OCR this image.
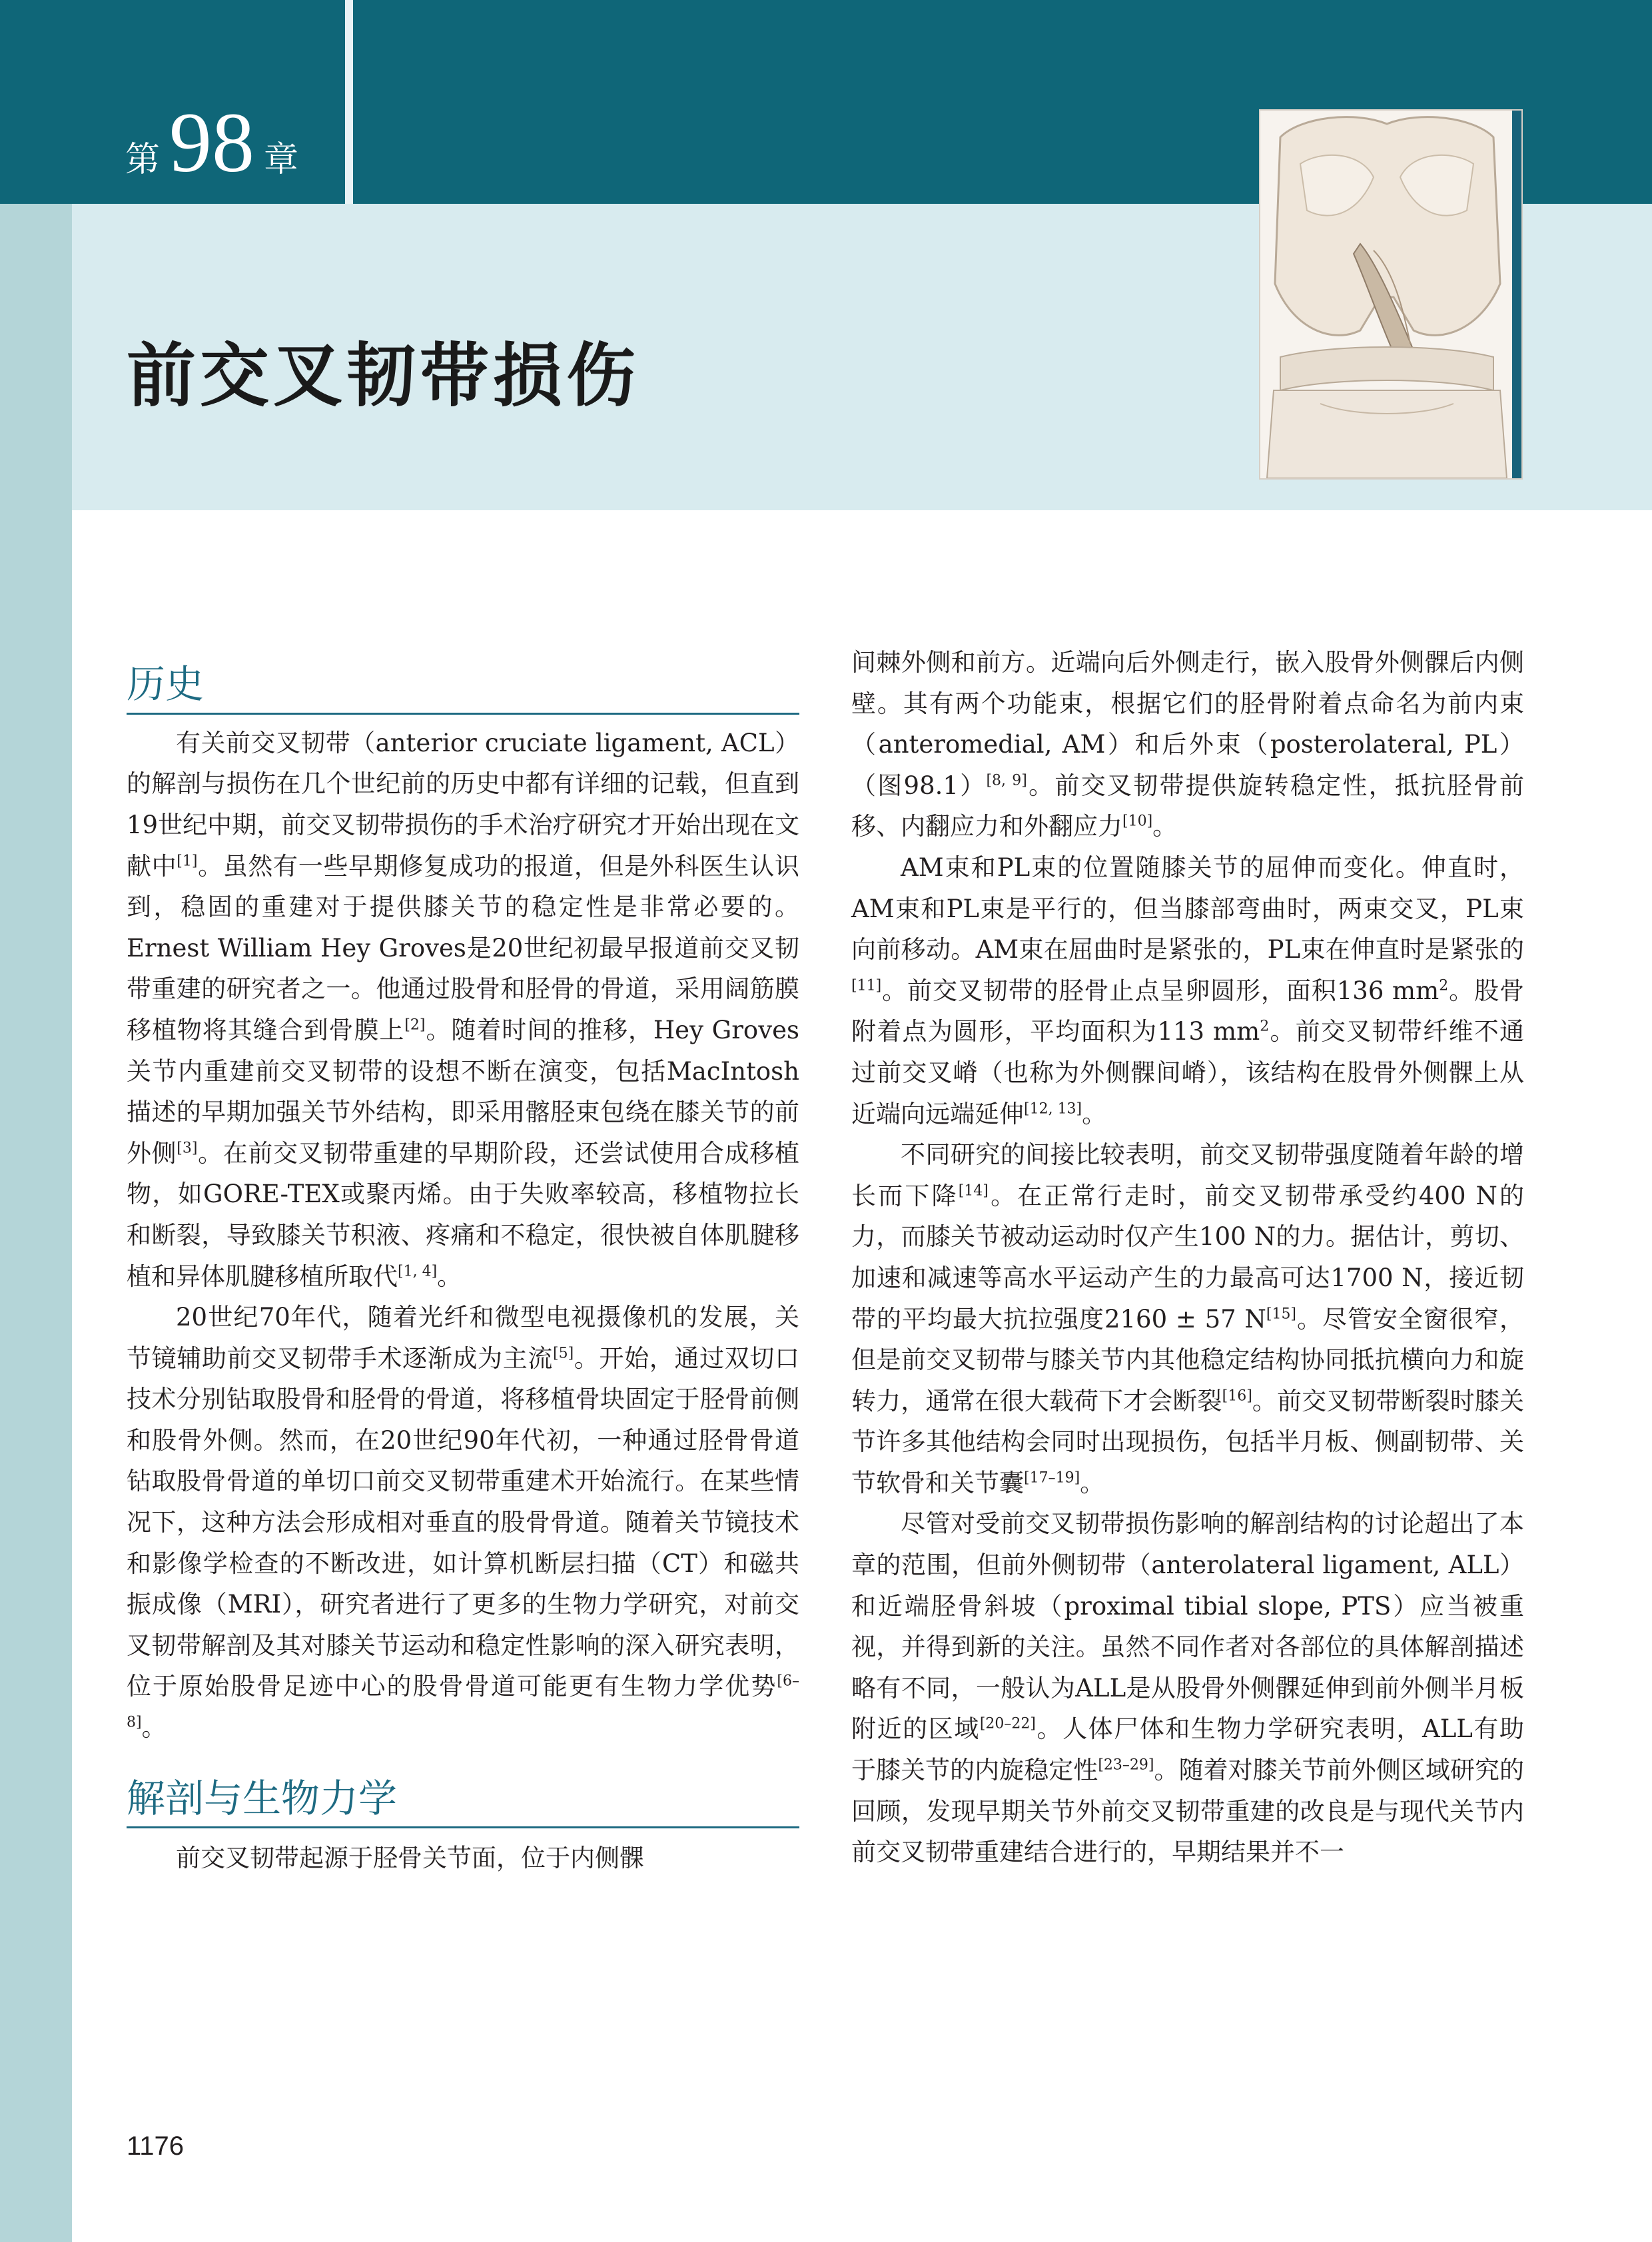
第 98 章
前交叉韧带损伤
历史

有关前交叉韧带（anterior cruciate ligament, ACL）的解剖与损伤在几个世纪前的历史中都有详细的记载，但直到19世纪中期，前交叉韧带损伤的手术治疗研究才开始出现在文献中[1]。虽然有一些早期修复成功的报道，但是外科医生认识到，稳固的重建对于提供膝关节的稳定性是非常必要的。Ernest William Hey Groves是20世纪初最早报道前交叉韧带重建的研究者之一。他通过股骨和胫骨的骨道，采用阔筋膜移植物将其缝合到骨膜上[2]。随着时间的推移，Hey Groves关节内重建前交叉韧带的设想不断在演变，包括MacIntosh描述的早期加强关节外结构，即采用髂胫束包绕在膝关节的前外侧[3]。在前交叉韧带重建的早期阶段，还尝试使用合成移植物，如GORE-TEX或聚丙烯。由于失败率较高，移植物拉长和断裂，导致膝关节积液、疼痛和不稳定，很快被自体肌腱移植和异体肌腱移植所取代[1, 4]。

20世纪70年代，随着光纤和微型电视摄像机的发展，关节镜辅助前交叉韧带手术逐渐成为主流[5]。开始，通过双切口技术分别钻取股骨和胫骨的骨道，将移植骨块固定于胫骨前侧和股骨外侧。然而，在20世纪90年代初，一种通过胫骨骨道钻取股骨骨道的单切口前交叉韧带重建术开始流行。在某些情况下，这种方法会形成相对垂直的股骨骨道。随着关节镜技术和影像学检查的不断改进，如计算机断层扫描（CT）和磁共振成像（MRI），研究者进行了更多的生物力学研究，对前交叉韧带解剖及其对膝关节运动和稳定性影响的深入研究表明，位于原始股骨足迹中心的股骨骨道可能更有生物力学优势[6–8]。

解剖与生物力学

前交叉韧带起源于胫骨关节面，位于内侧髁

间棘外侧和前方。近端向后外侧走行，嵌入股骨外侧髁后内侧壁。其有两个功能束，根据它们的胫骨附着点命名为前内束（anteromedial, AM）和后外束（posterolateral, PL）（图98.1）[8, 9]。前交叉韧带提供旋转稳定性，抵抗胫骨前移、内翻应力和外翻应力[10]。

AM束和PL束的位置随膝关节的屈伸而变化。伸直时，AM束和PL束是平行的，但当膝部弯曲时，两束交叉，PL束向前移动。AM束在屈曲时是紧张的，PL束在伸直时是紧张的[11]。前交叉韧带的胫骨止点呈卵圆形，面积136 $mm^2$。股骨附着点为圆形，平均面积为113 $mm^2$。前交叉韧带纤维不通过前交叉嵴（也称为外侧髁间嵴），该结构在股骨外侧髁上从近端向远端延伸[12, 13]。

不同研究的间接比较表明，前交叉韧带强度随着年龄的增长而下降[14]。在正常行走时，前交叉韧带承受约400 N的力，而膝关节被动运动时仅产生100 N的力。据估计，剪切、加速和减速等高水平运动产生的力最高可达1700 N，接近韧带的平均最大抗拉强度2160 ± 57 N[15]。尽管安全窗很窄，但是前交叉韧带与膝关节内其他稳定结构协同抵抗横向力和旋转力，通常在很大载荷下才会断裂[16]。前交叉韧带断裂时膝关节许多其他结构会同时出现损伤，包括半月板、侧副韧带、关节软骨和关节囊[17–19]。

尽管对受前交叉韧带损伤影响的解剖结构的讨论超出了本章的范围，但前外侧韧带（anterolateral ligament, ALL）和近端胫骨斜坡（proximal tibial slope, PTS）应当被重视，并得到新的关注。虽然不同作者对各部位的具体解剖描述略有不同，一般认为ALL是从股骨外侧髁延伸到前外侧半月板附近的区域[20–22]。人体尸体和生物力学研究表明，ALL有助于膝关节的内旋稳定性[23–29]。随着对膝关节前外侧区域研究的回顾，发现早期关节外前交叉韧带重建的改良是与现代关节内前交叉韧带重建结合进行的，早期结果并不一

1176
